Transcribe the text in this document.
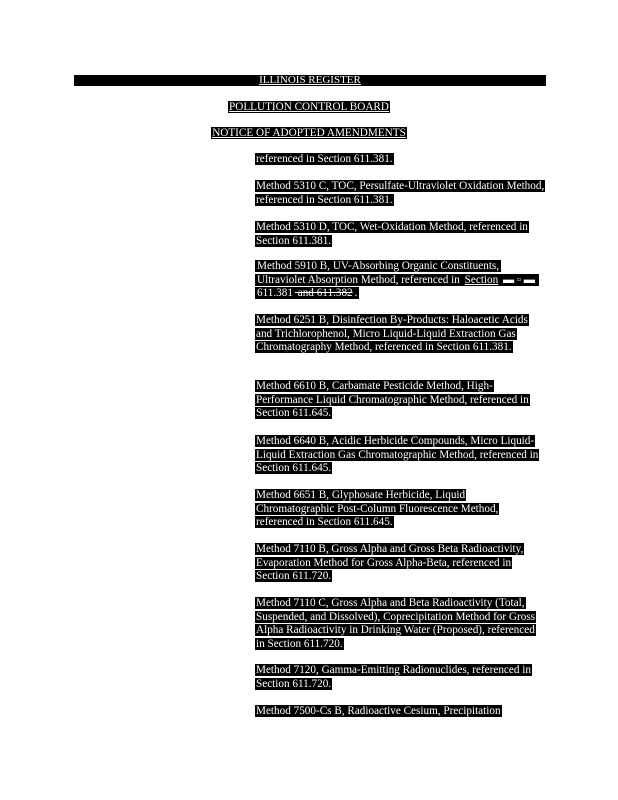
ILLINOIS REGISTER
POLLUTION CONTROL BOARD
NOTICE OF ADOPTED AMENDMENTS
referenced in Section 611.381.
Method 5310 C, TOC, Persulfate-Ultraviolet Oxidation Method, referenced in Section 611.381.
Method 5310 D, TOC, Wet-Oxidation Method, referenced in Section 611.381.
Method 5910 B, UV-Absorbing Organic Constituents, Ultraviolet Absorption Method, referenced in Section ▬ ▫ ▬ 611.381 and 611.382 .
Method 6251 B, Disinfection By-Products: Haloacetic Acids and Trichlorophenol, Micro Liquid-Liquid Extraction Gas Chromatography Method, referenced in Section 611.381.
Method 6610 B, Carbamate Pesticide Method, High-Performance Liquid Chromatographic Method, referenced in Section 611.645.
Method 6640 B, Acidic Herbicide Compounds, Micro Liquid-Liquid Extraction Gas Chromatographic Method, referenced in Section 611.645.
Method 6651 B, Glyphosate Herbicide, Liquid Chromatographic Post-Column Fluorescence Method, referenced in Section 611.645.
Method 7110 B, Gross Alpha and Gross Beta Radioactivity, Evaporation Method for Gross Alpha-Beta, referenced in Section 611.720.
Method 7110 C, Gross Alpha and Beta Radioactivity (Total, Suspended, and Dissolved), Coprecipitation Method for Gross Alpha Radioactivity in Drinking Water (Proposed), referenced in Section 611.720.
Method 7120, Gamma-Emitting Radionuclides, referenced in Section 611.720.
Method 7500-Cs B, Radioactive Cesium, Precipitation
